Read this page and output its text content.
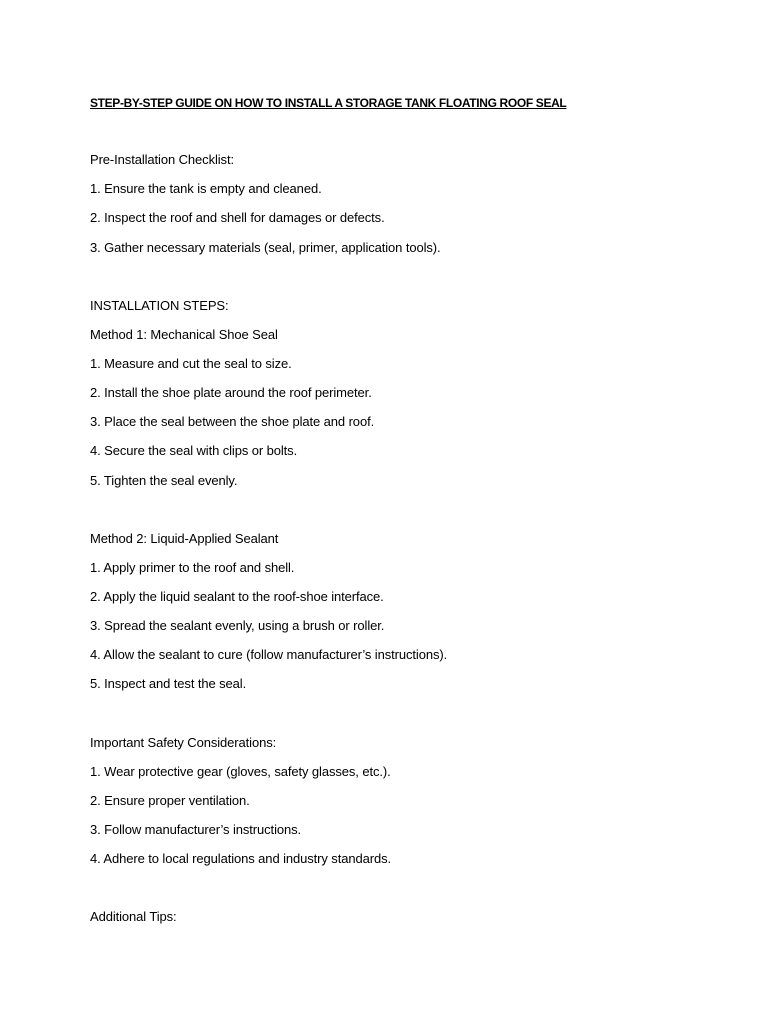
STEP-BY-STEP GUIDE ON HOW TO INSTALL A STORAGE TANK FLOATING ROOF SEAL
Pre-Installation Checklist:
1. Ensure the tank is empty and cleaned.
2. Inspect the roof and shell for damages or defects.
3. Gather necessary materials (seal, primer, application tools).
INSTALLATION STEPS:
Method 1: Mechanical Shoe Seal
1. Measure and cut the seal to size.
2. Install the shoe plate around the roof perimeter.
3. Place the seal between the shoe plate and roof.
4. Secure the seal with clips or bolts.
5. Tighten the seal evenly.
Method 2: Liquid-Applied Sealant
1. Apply primer to the roof and shell.
2. Apply the liquid sealant to the roof-shoe interface.
3. Spread the sealant evenly, using a brush or roller.
4. Allow the sealant to cure (follow manufacturer’s instructions).
5. Inspect and test the seal.
Important Safety Considerations:
1. Wear protective gear (gloves, safety glasses, etc.).
2. Ensure proper ventilation.
3. Follow manufacturer’s instructions.
4. Adhere to local regulations and industry standards.
Additional Tips:
